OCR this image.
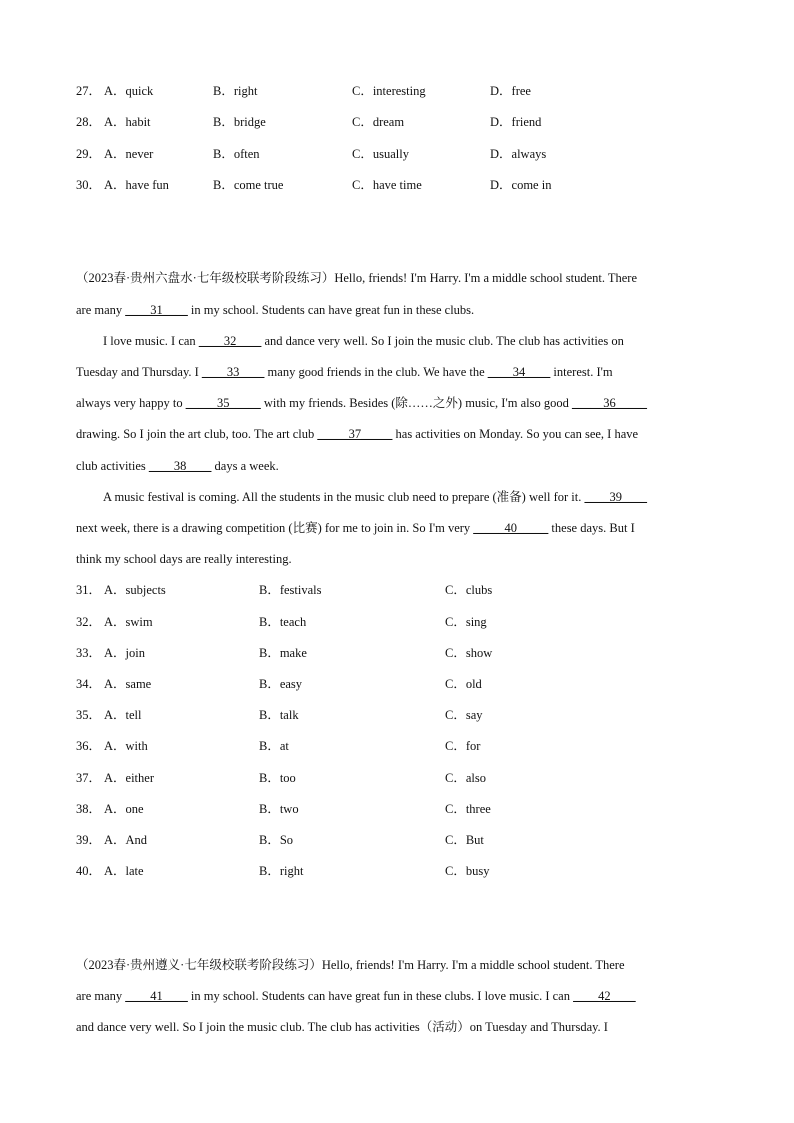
27． A．quick	B．right	C．interesting	D．free
28． A．habit	B．bridge	C．dream	D．friend
29． A．never	B．often	C．usually	D．always
30． A．have fun	B．come true	C．have time	D．come in
（2023春·贵州六盘水·七年级校联考阶段练习）Hello, friends! I'm Harry. I'm a middle school student. There
are many ____31____ in my school. Students can have great fun in these clubs.
I love music. I can ____32____ and dance very well. So I join the music club. The club has activities on
Tuesday and Thursday. I ____33____ many good friends in the club. We have the ____34____ interest. I'm
always very happy to _____35_____ with my friends. Besides (除……之外) music, I'm also good _____36_____
drawing. So I join the art club, too. The art club _____37_____ has activities on Monday. So you can see, I have
club activities ____38____ days a week.
A music festival is coming. All the students in the music club need to prepare (准备) well for it. ____39____
next week, there is a drawing competition (比赛) for me to join in. So I'm very _____40_____ these days. But I
think my school days are really interesting.
31． A．subjects	B．festivals	C．clubs
32． A．swim	B．teach	C．sing
33． A．join	B．make	C．show
34． A．same	B．easy	C．old
35． A．tell	B．talk	C．say
36． A．with	B．at	C．for
37． A．either	B．too	C．also
38． A．one	B．two	C．three
39． A．And	B．So	C．But
40． A．late	B．right	C．busy
（2023春·贵州遵义·七年级校联考阶段练习）Hello, friends! I'm Harry. I'm a middle school student. There
are many ____41____ in my school. Students can have great fun in these clubs. I love music. I can ____42____
and dance very well. So I join the music club. The club has activities（活动）on Tuesday and Thursday. I
